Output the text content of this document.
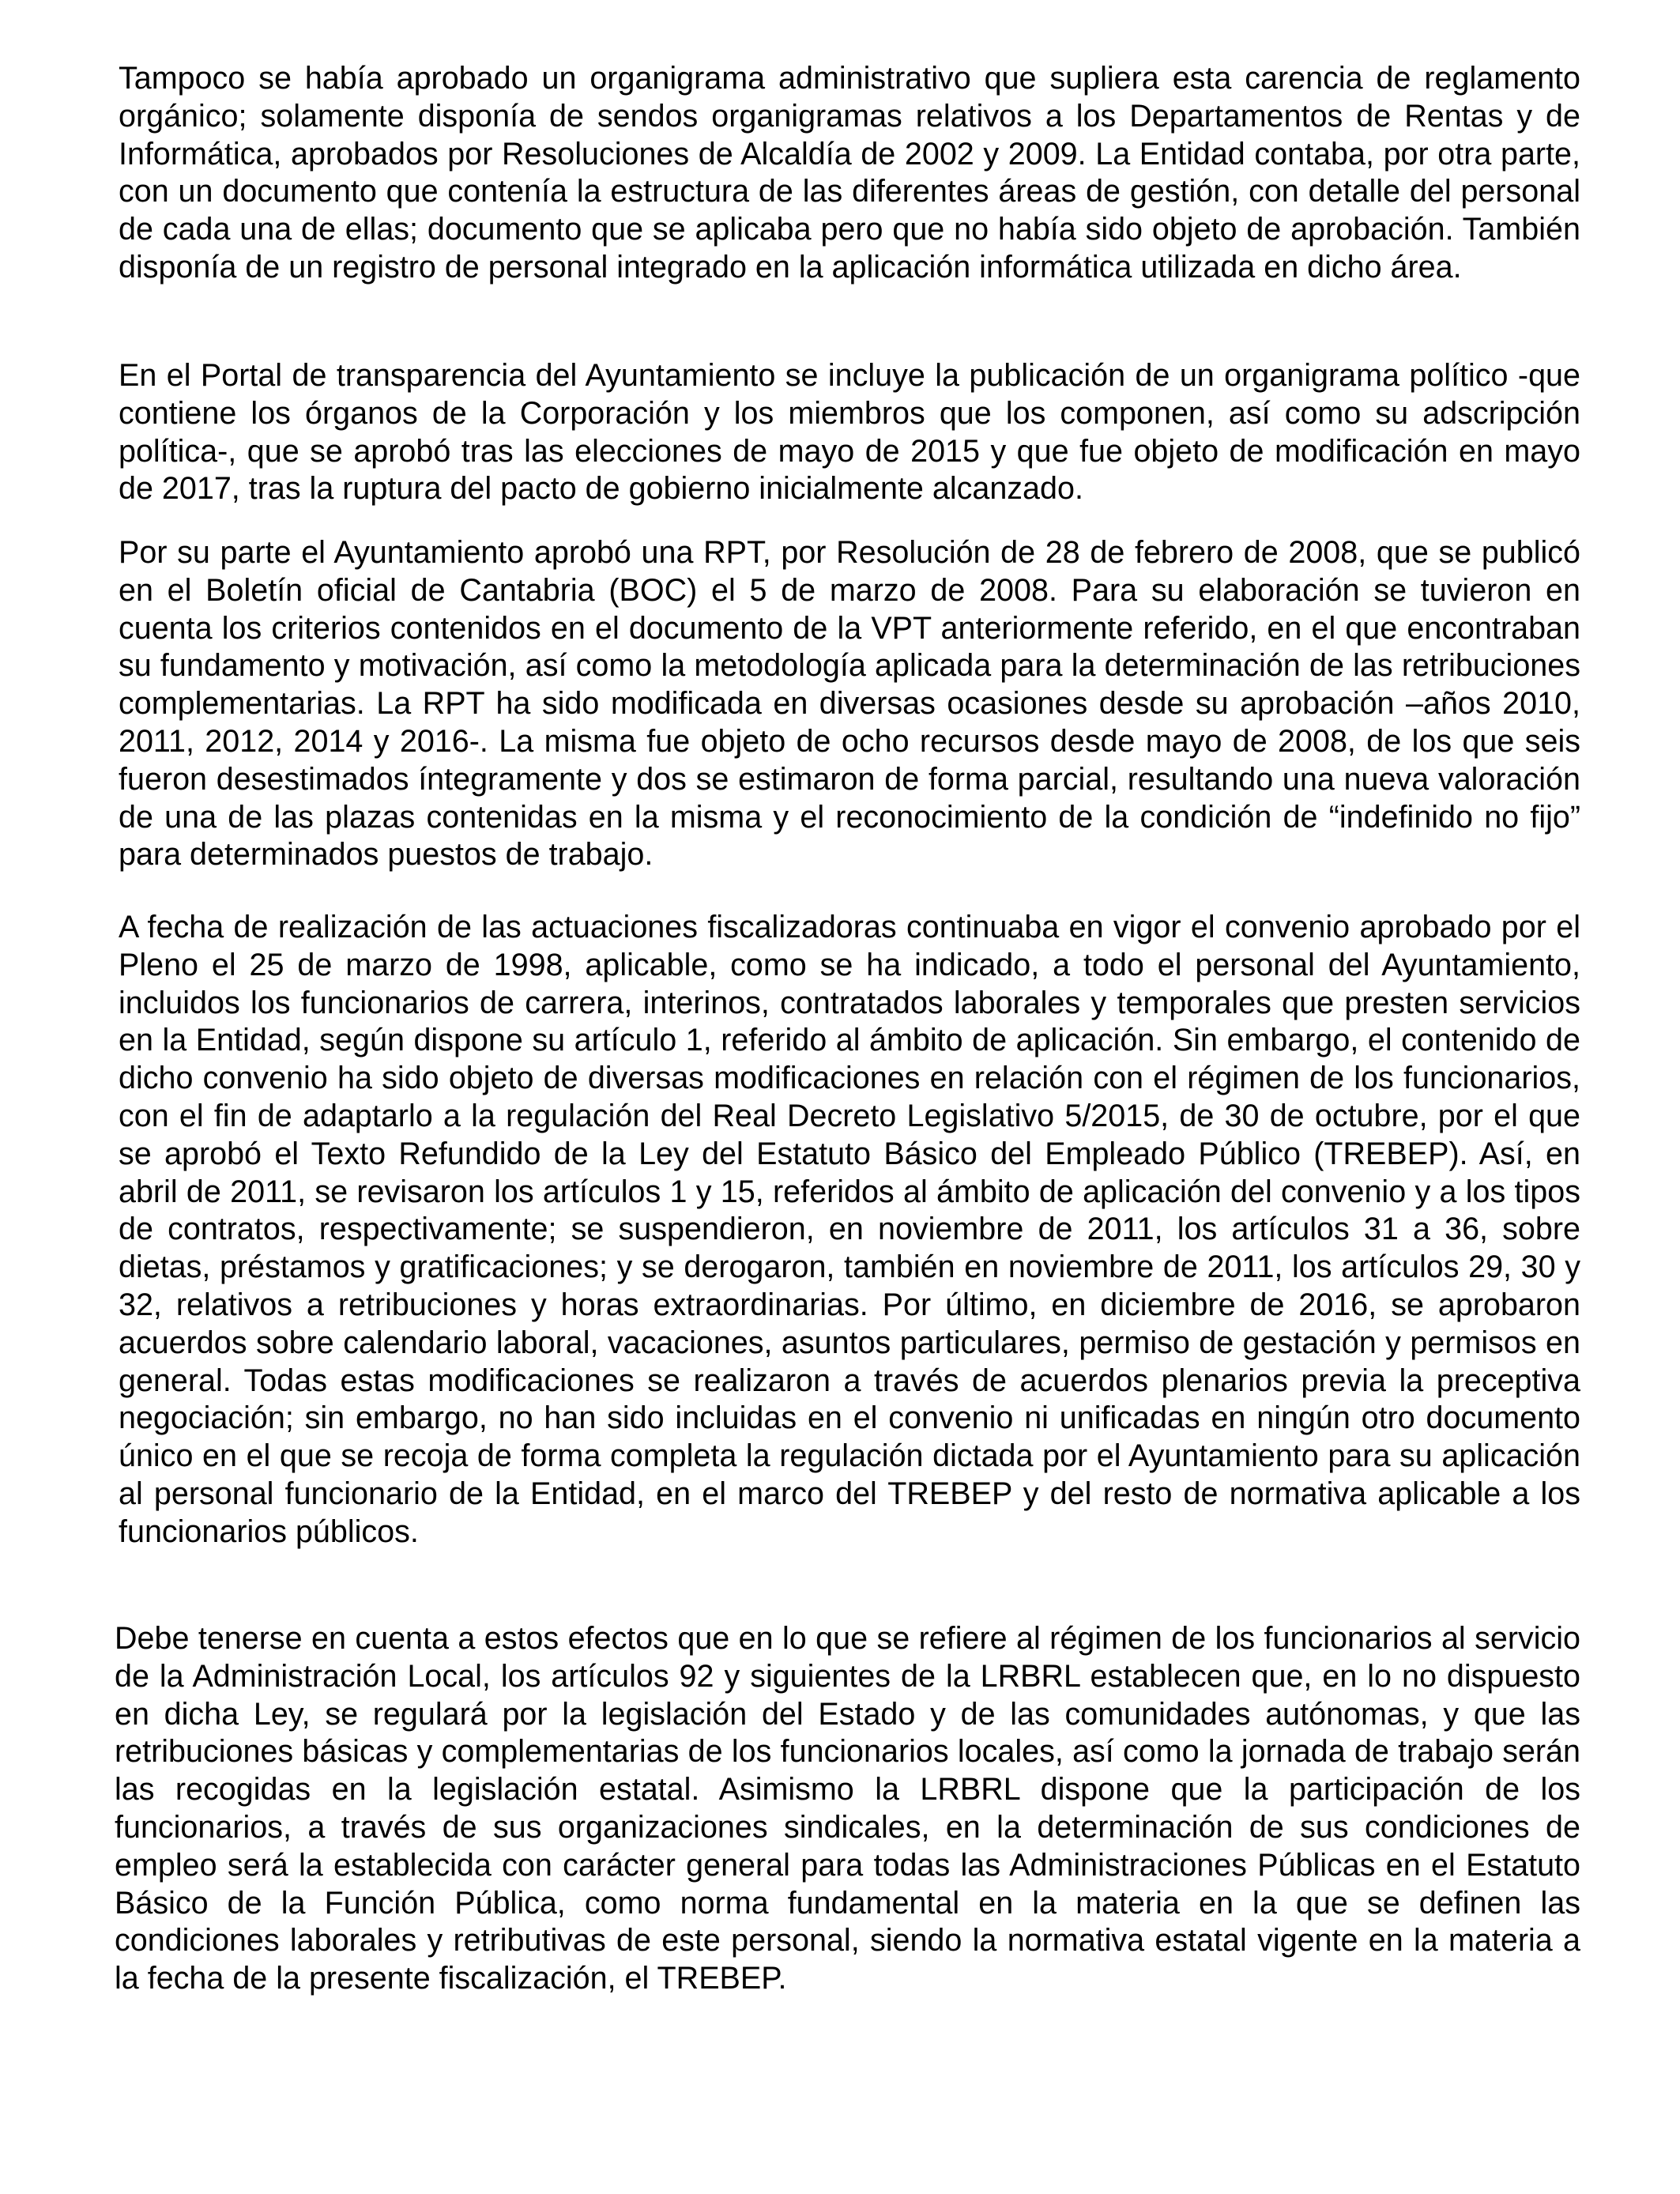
Tampoco se había aprobado un organigrama administrativo que supliera esta carencia de reglamento orgánico; solamente disponía de sendos organigramas relativos a los Departamentos de Rentas y de Informática, aprobados por Resoluciones de Alcaldía de 2002 y 2009. La Entidad contaba, por otra parte, con un documento que contenía la estructura de las diferentes áreas de gestión, con detalle del personal de cada una de ellas; documento que se aplicaba pero que no había sido objeto de aprobación. También disponía de un registro de personal integrado en la aplicación informática utilizada en dicho área.

En el Portal de transparencia del Ayuntamiento se incluye la publicación de un organigrama político -que contiene los órganos de la Corporación y los miembros que los componen, así como su adscripción política-, que se aprobó tras las elecciones de mayo de 2015 y que fue objeto de modificación en mayo de 2017, tras la ruptura del pacto de gobierno inicialmente alcanzado.

Por su parte el Ayuntamiento aprobó una RPT, por Resolución de 28 de febrero de 2008, que se publicó en el Boletín oficial de Cantabria (BOC) el 5 de marzo de 2008. Para su elaboración se tuvieron en cuenta los criterios contenidos en el documento de la VPT anteriormente referido, en el que encontraban su fundamento y motivación, así como la metodología aplicada para la determinación de las retribuciones complementarias. La RPT ha sido modificada en diversas ocasiones desde su aprobación –años 2010, 2011, 2012, 2014 y 2016-. La misma fue objeto de ocho recursos desde mayo de 2008, de los que seis fueron desestimados íntegramente y dos se estimaron de forma parcial, resultando una nueva valoración de una de las plazas contenidas en la misma y el reconocimiento de la condición de “indefinido no fijo” para determinados puestos de trabajo.

A fecha de realización de las actuaciones fiscalizadoras continuaba en vigor el convenio aprobado por el Pleno el 25 de marzo de 1998, aplicable, como se ha indicado, a todo el personal del Ayuntamiento, incluidos los funcionarios de carrera, interinos, contratados laborales y temporales que presten servicios en la Entidad, según dispone su artículo 1, referido al ámbito de aplicación. Sin embargo, el contenido de dicho convenio ha sido objeto de diversas modificaciones en relación con el régimen de los funcionarios, con el fin de adaptarlo a la regulación del Real Decreto Legislativo 5/2015, de 30 de octubre, por el que se aprobó el Texto Refundido de la Ley del Estatuto Básico del Empleado Público (TREBEP). Así, en abril de 2011, se revisaron los artículos 1 y 15, referidos al ámbito de aplicación del convenio y a los tipos de contratos, respectivamente; se suspendieron, en noviembre de 2011, los artículos 31 a 36, sobre dietas, préstamos y gratificaciones; y se derogaron, también en noviembre de 2011, los artículos 29, 30 y 32, relativos a retribuciones y horas extraordinarias. Por último, en diciembre de 2016, se aprobaron acuerdos sobre calendario laboral, vacaciones, asuntos particulares, permiso de gestación y permisos en general. Todas estas modificaciones se realizaron a través de acuerdos plenarios previa la preceptiva negociación; sin embargo, no han sido incluidas en el convenio ni unificadas en ningún otro documento único en el que se recoja de forma completa la regulación dictada por el Ayuntamiento para su aplicación al personal funcionario de la Entidad, en el marco del TREBEP y del resto de normativa aplicable a los funcionarios públicos.

Debe tenerse en cuenta a estos efectos que en lo que se refiere al régimen de los funcionarios al servicio de la Administración Local, los artículos 92 y siguientes de la LRBRL establecen que, en lo no dispuesto en dicha Ley, se regulará por la legislación del Estado y de las comunidades autónomas, y que las retribuciones básicas y complementarias de los funcionarios locales, así como la jornada de trabajo serán las recogidas en la legislación estatal. Asimismo la LRBRL dispone que la participación de los funcionarios, a través de sus organizaciones sindicales, en la determinación de sus condiciones de empleo será la establecida con carácter general para todas las Administraciones Públicas en el Estatuto Básico de la Función Pública, como norma fundamental en la materia en la que se definen las condiciones laborales y retributivas de este personal, siendo la normativa estatal vigente en la materia a la fecha de la presente fiscalización, el TREBEP.
